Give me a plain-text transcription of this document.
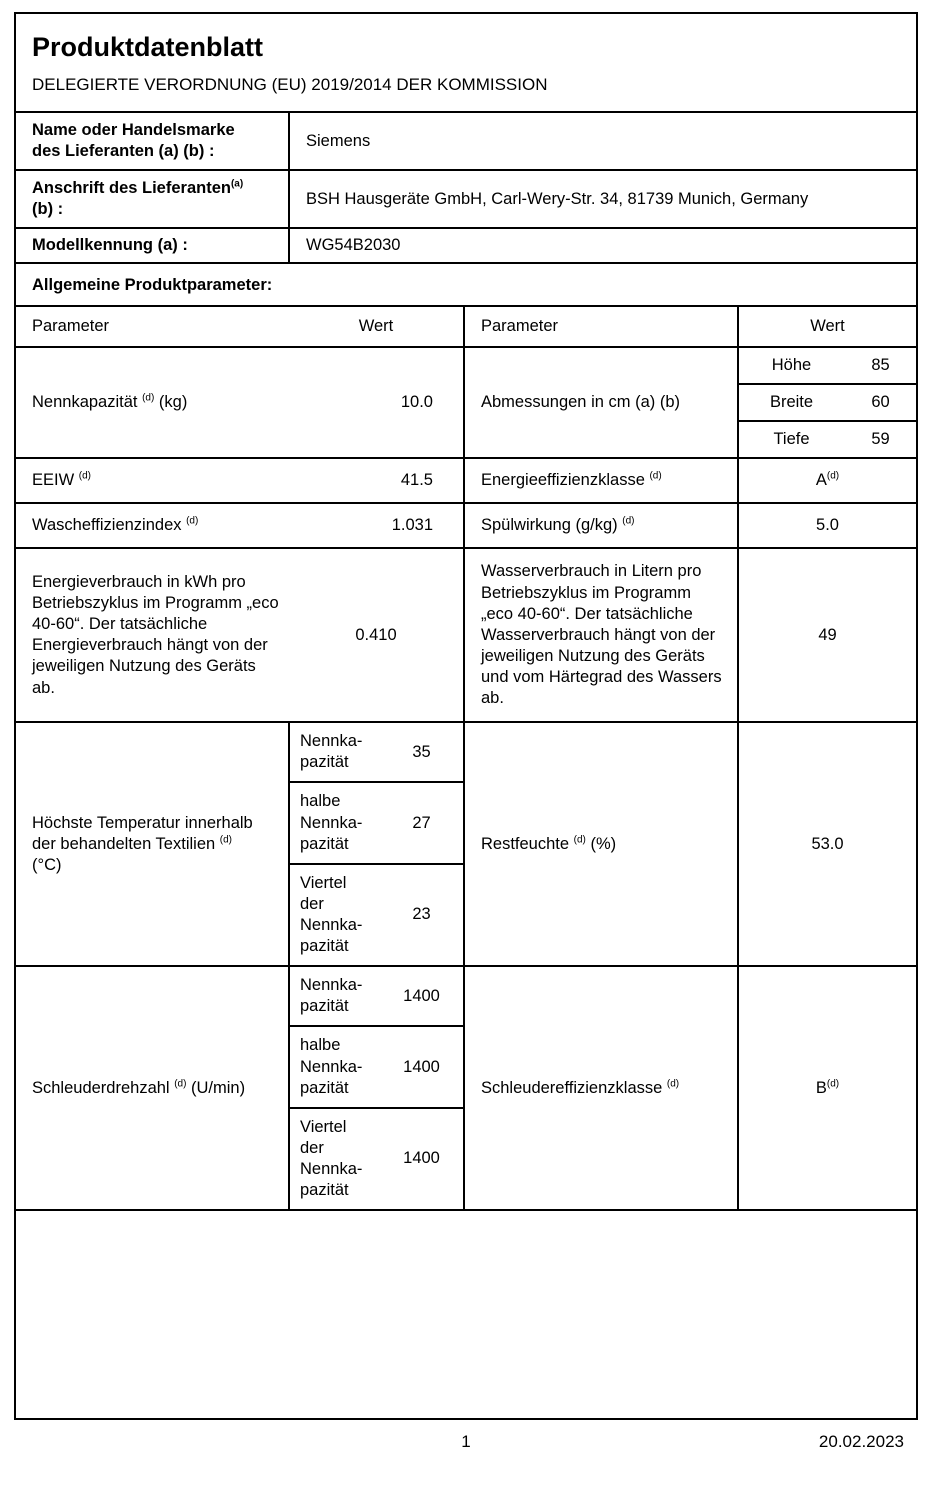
Produktdatenblatt
DELEGIERTE VERORDNUNG (EU) 2019/2014 DER KOMMISSION
Name oder Handelsmarke
des Lieferanten (a) (b) :	Siemens
Anschrift des Lieferanten$^{(a)}$
(b) :	BSH Hausgeräte GmbH, Carl-Wery-Str. 34, 81739 Munich, Germany
Modellkennung (a) :	WG54B2030
Allgemeine Produktparameter:
Parameter	Wert	Parameter	Wert
Nennkapazität $^{(d)}$ (kg)	10.0	Abmessungen in cm (a) (b)	
Höhe	85
Breite	60
Tiefe	59

EEIW $^{(d)}$	41.5	Energieeffizienzklasse $^{(d)}$	$A^{(d)}$
Wascheffizienzindex $^{(d)}$	1.031	Spülwirkung (g/kg) $^{(d)}$	5.0
Energieverbrauch in kWh pro Betriebszyklus im Programm „eco 40-60“. Der tatsächliche Energieverbrauch hängt von der jeweiligen Nutzung des Geräts ab.	0.410	Wasserverbrauch in Litern pro Betriebszyklus im Programm „eco 40-60“. Der tatsächliche Wasserverbrauch hängt von der jeweiligen Nutzung des Geräts und vom Härtegrad des Wassers ab.	49
Höchste Temperatur innerhalb der behandelten Textilien $^{(d)}$
(°C)	
Nennka-pazität	35
halbe Nennka-pazität	27
Viertel der Nennka-pazität	23
	Restfeuchte $^{(d)}$ (%)	53.0
Schleuderdrehzahl $^{(d)}$ (U/min)	
Nennka-pazität	1400
halbe Nennka-pazität	1400
Viertel der Nennka-pazität	1400
	Schleudereffizienzklasse $^{(d)}$	$B^{(d)}$
1	20.02.2023
